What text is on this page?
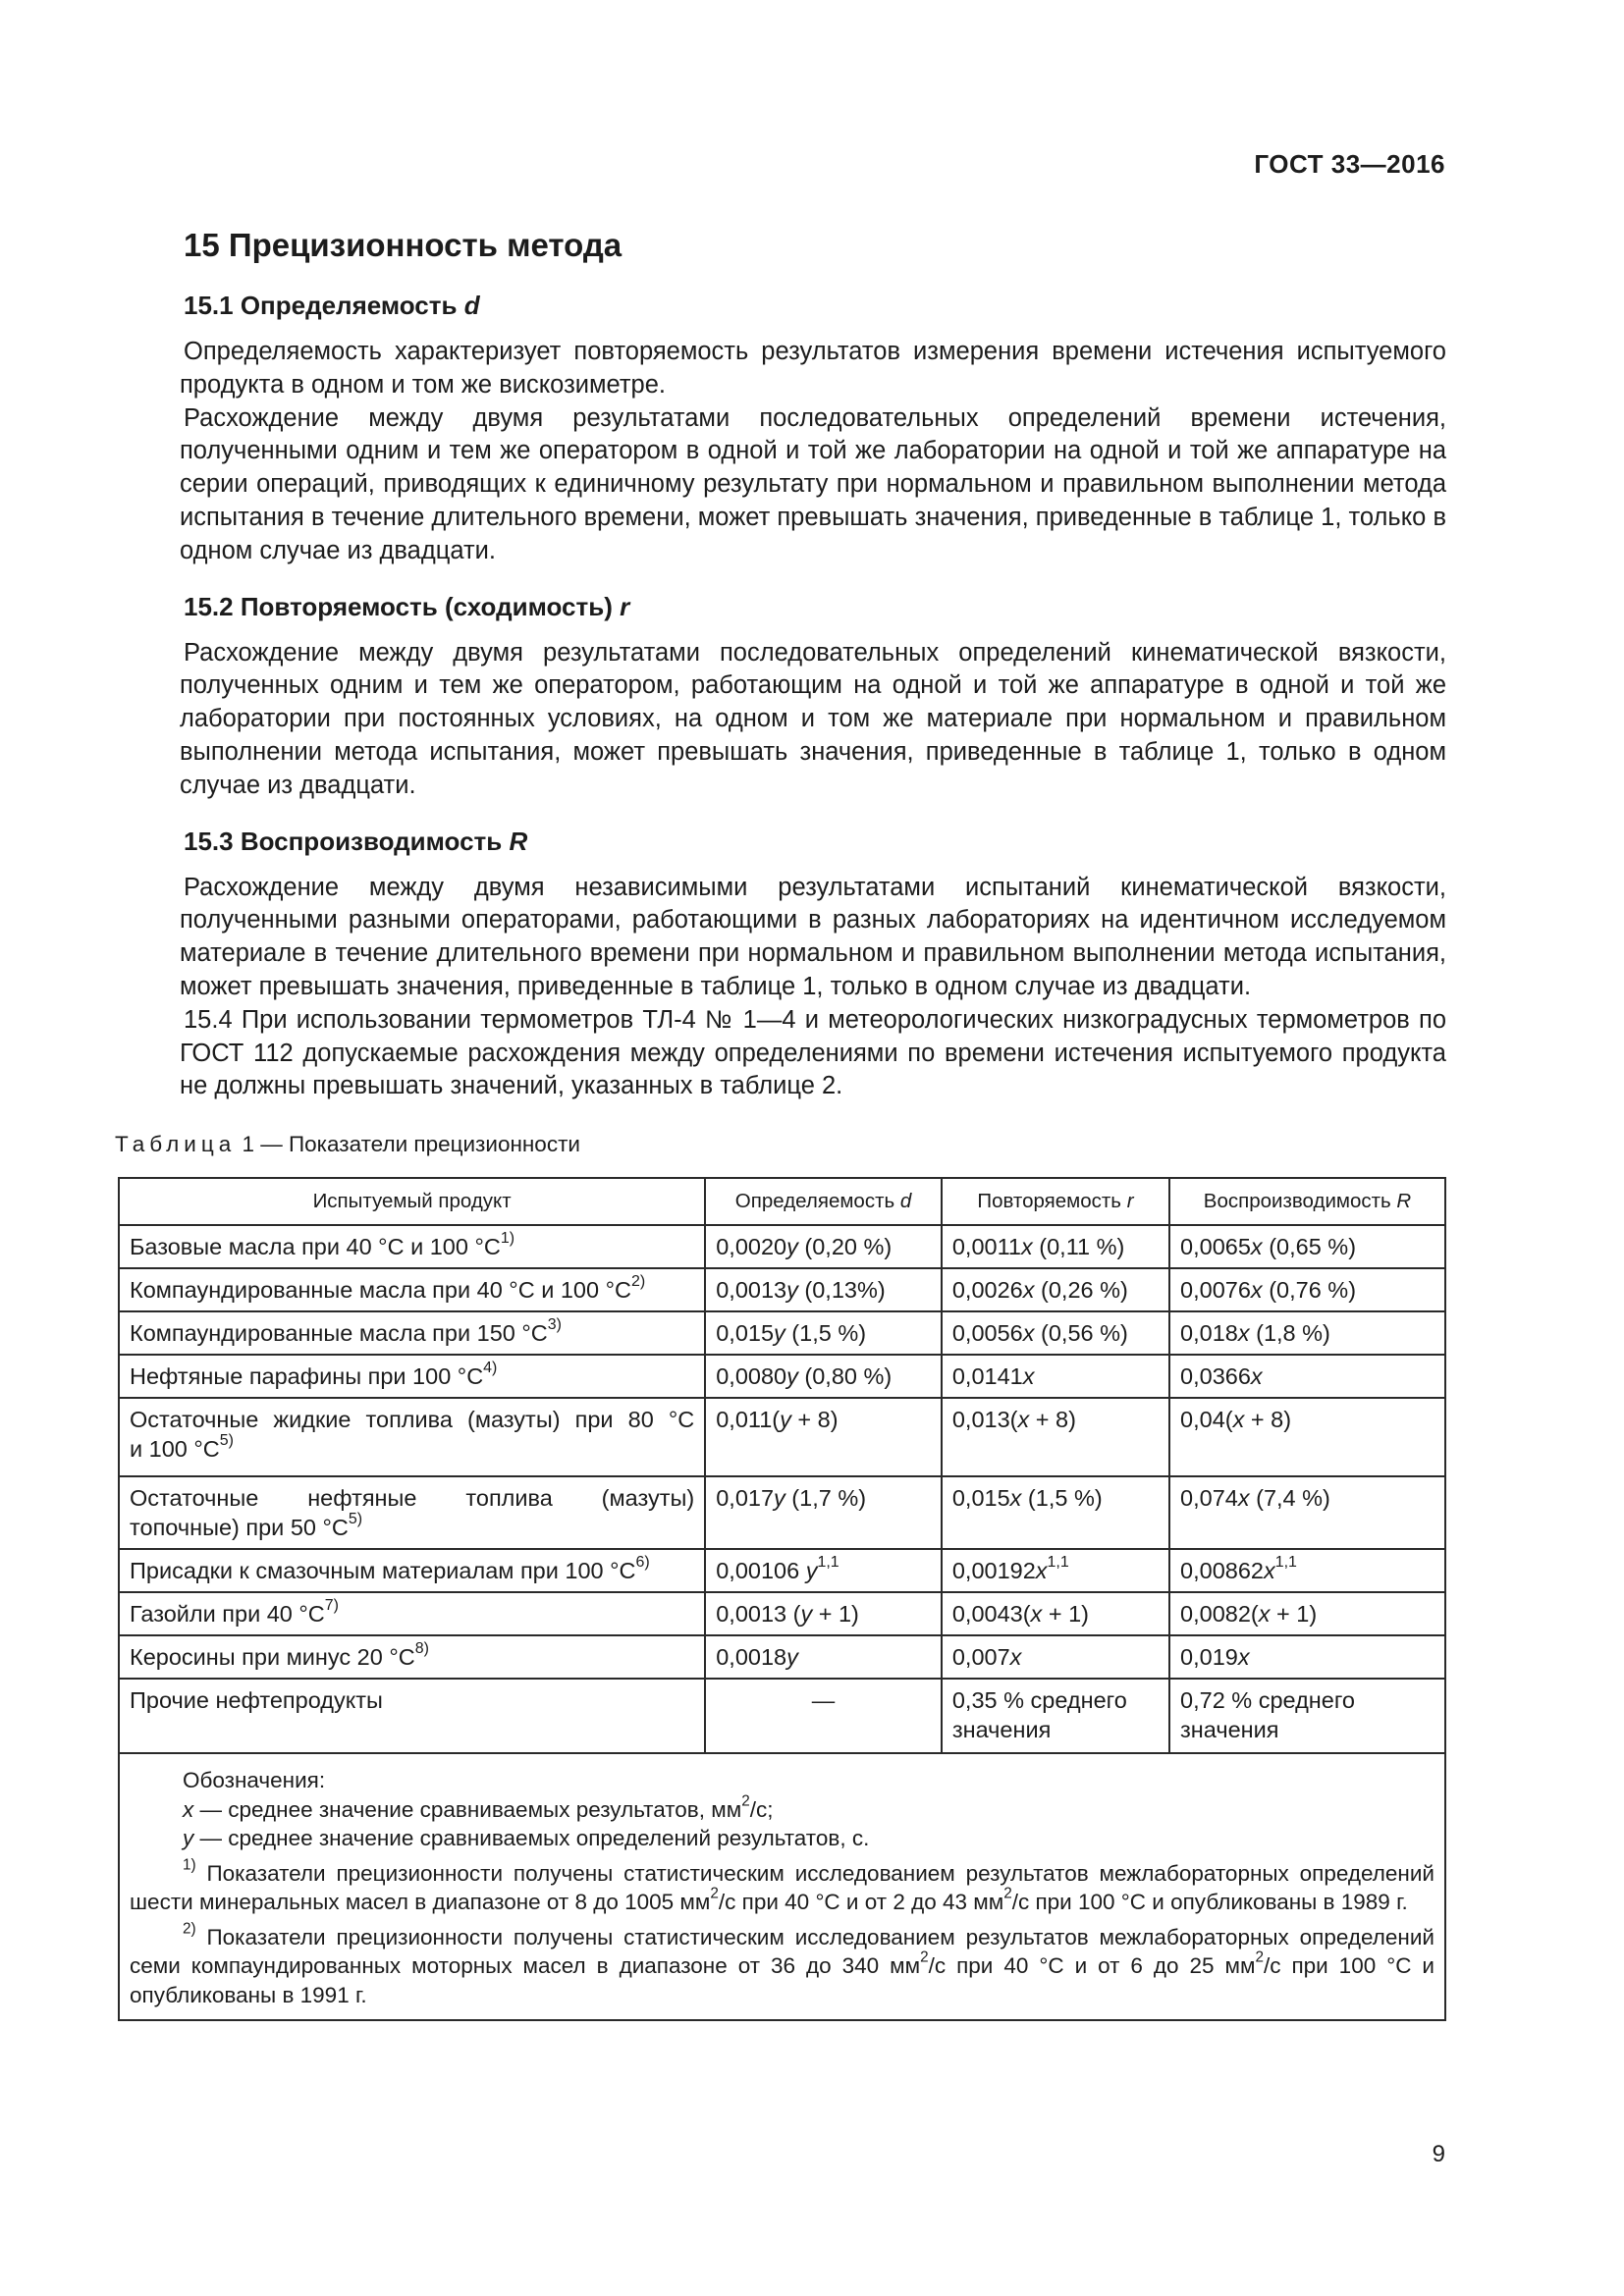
ГОСТ 33—2016
15 Прецизионность метода
15.1 Определяемость d

Определяемость характеризует повторяемость результатов измерения времени истечения испытуемого продукта в одном и том же вискозиметре.

Расхождение между двумя результатами последовательных определений времени истечения, полученными одним и тем же оператором в одной и той же лаборатории на одной и той же аппаратуре на серии операций, приводящих к единичному результату при нормальном и правильном выполнении метода испытания в течение длительного времени, может превышать значения, приведенные в таблице 1, только в одном случае из двадцати.

15.2 Повторяемость (сходимость) r

Расхождение между двумя результатами последовательных определений кинематической вязкости, полученных одним и тем же оператором, работающим на одной и той же аппаратуре в одной и той же лаборатории при постоянных условиях, на одном и том же материале при нормальном и правильном выполнении метода испытания, может превышать значения, приведенные в таблице 1, только в одном случае из двадцати.

15.3 Воспроизводимость R

Расхождение между двумя независимыми результатами испытаний кинематической вязкости, полученными разными операторами, работающими в разных лабораториях на идентичном исследуемом материале в течение длительного времени при нормальном и правильном выполнении метода испытания, может превышать значения, приведенные в таблице 1, только в одном случае из двадцати.

15.4 При использовании термометров ТЛ-4 № 1—4 и метеорологических низкоградусных термометров по ГОСТ 112 допускаемые расхождения между определениями по времени истечения испытуемого продукта не должны превышать значений, указанных в таблице 2.

Таблица 1 — Показатели прецизионности
Испытуемый продукт	Определяемость d	Повторяемость r	Воспроизводимость R
Базовые масла при 40 °С и 100 $^\circ С^{1)}$	0,0020y (0,20 %)	0,0011x (0,11 %)	0,0065x (0,65 %)
Компаундированные масла при 40 °С и 100 $^\circ С^{2)}$	0,0013y (0,13%)	0,0026x (0,26 %)	0,0076x (0,76 %)
Компаундированные масла при 150 $^\circ С^{3)}$	0,015y (1,5 %)	0,0056x (0,56 %)	0,018x (1,8 %)
Нефтяные парафины при 100 $^\circ С^{4)}$	0,0080y (0,80 %)	0,0141x	0,0366x

Остаточные жидкие топлива (мазуты) при 80 °С
и 100 $^\circ С^{5)}$	0,011(y + 8)	0,013(x + 8)	0,04(x + 8)

Остаточные нефтяные топлива (мазуты)
топочные) при 50 $^\circ С^{5)}$	0,017y (1,7 %)	0,015x (1,5 %)	0,074x (7,4 %)
Присадки к смазочным материалам при 100 $^\circ С^{6)}$	0,00106 $y^{1,1}$	$0,00192x^{1,1}$	$0,00862x^{1,1}$
Газойли при 40 $^\circ С^{7)}$	0,0013 (y + 1)	0,0043(x + 1)	0,0082(x + 1)
Керосины при минус 20 $^\circ С^{8)}$	0,0018y	0,007x	0,019x
Прочие нефтепродукты	—	0,35 % среднего значения	0,72 % среднего значения

Обозначения:
x — среднее значение сравниваемых результатов, $мм^2/с$;
у — среднее значение сравниваемых определений результатов, с.
$^{1)}$ Показатели прецизионности получены статистическим исследованием результатов межлабораторных определений шести минеральных масел в диапазоне от 8 до 1005 $мм^2/с$ при 40 °С и от 2 до 43 $мм^2/с$ при 100 °С и опубликованы в 1989 г.
$^{2)}$ Показатели прецизионности получены статистическим исследованием результатов межлабораторных определений семи компаундированных моторных масел в диапазоне от 36 до 340 $мм^2/с$ при 40 °С и от 6 до 25 $мм^2/с$ при 100 °С и опубликованы в 1991 г.			
9
